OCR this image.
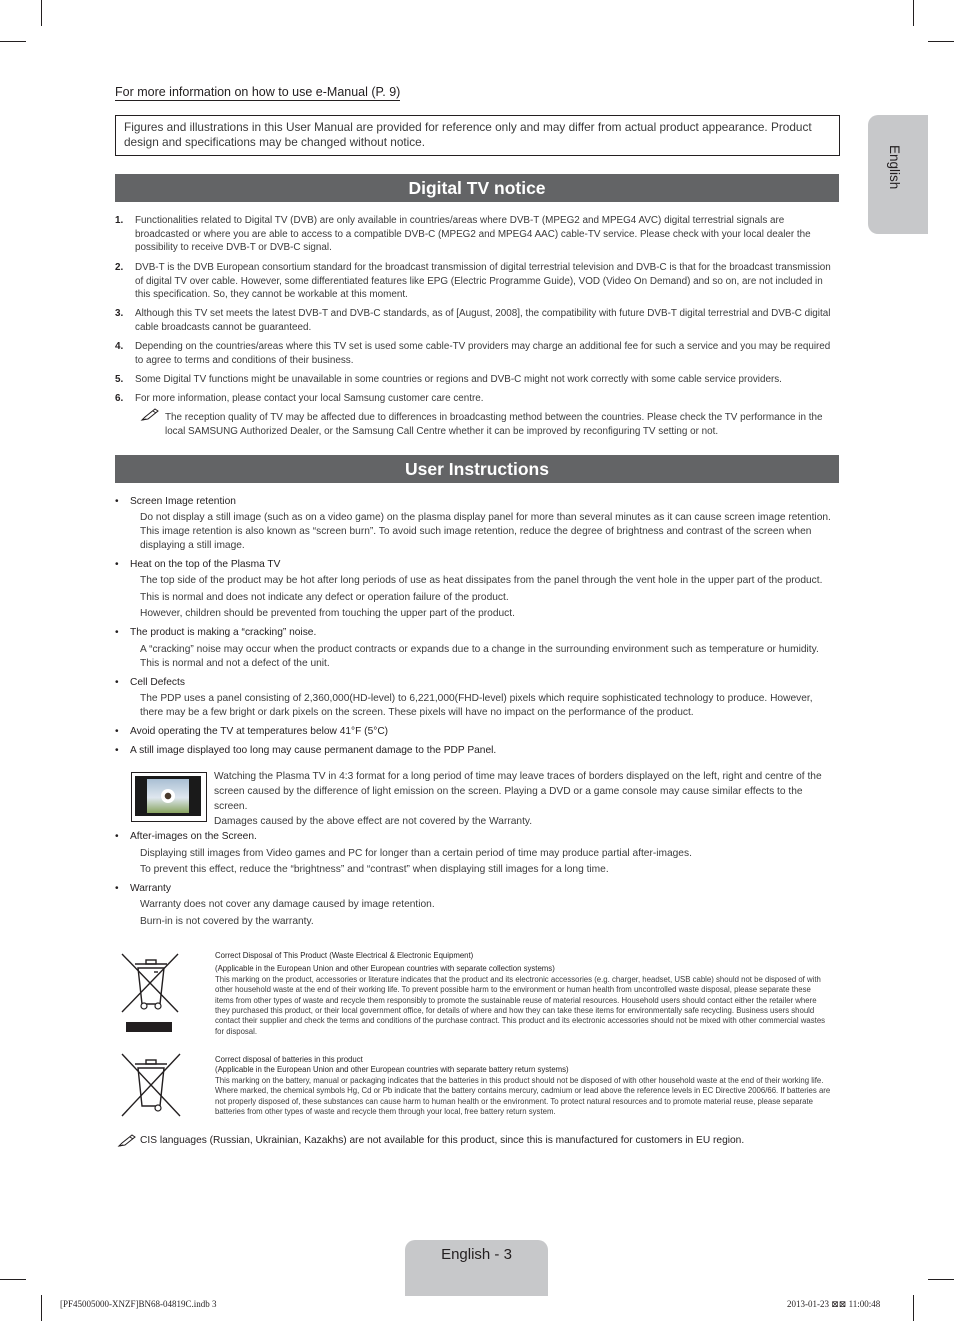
For more information on how to use e-Manual (P. 9)
Figures and illustrations in this User Manual are provided for reference only and may differ from actual product appearance. Product design and specifications may be changed without notice.
English
Digital TV notice
1. Functionalities related to Digital TV (DVB) are only available in countries/areas where DVB-T (MPEG2 and MPEG4 AVC) digital terrestrial signals are broadcasted or where you are able to access to a compatible DVB-C (MPEG2 and MPEG4 AAC) cable-TV service. Please check with your local dealer the possibility to receive DVB-T or DVB-C signal.
2. DVB-T is the DVB European consortium standard for the broadcast transmission of digital terrestrial television and DVB-C is that for the broadcast transmission of digital TV over cable. However, some differentiated features like EPG (Electric Programme Guide), VOD (Video On Demand) and so on, are not included in this specification. So, they cannot be workable at this moment.
3. Although this TV set meets the latest DVB-T and DVB-C standards, as of [August, 2008], the compatibility with future DVB-T digital terrestrial and DVB-C digital cable broadcasts cannot be guaranteed.
4. Depending on the countries/areas where this TV set is used some cable-TV providers may charge an additional fee for such a service and you may be required to agree to terms and conditions of their business.
5. Some Digital TV functions might be unavailable in some countries or regions and DVB-C might not work correctly with some cable service providers.
6. For more information, please contact your local Samsung customer care centre.
The reception quality of TV may be affected due to differences in broadcasting method between the countries. Please check the TV performance in the local SAMSUNG Authorized Dealer, or the Samsung Call Centre whether it can be improved by reconfiguring TV setting or not.
User Instructions
• Screen Image retention
Do not display a still image (such as on a video game) on the plasma display panel for more than several minutes as it can cause screen image retention. This image retention is also known as “screen burn”. To avoid such image retention, reduce the degree of brightness and contrast of the screen when displaying a still image.
• Heat on the top of the Plasma TV
The top side of the product may be hot after long periods of use as heat dissipates from the panel through the vent hole in the upper part of the product.
This is normal and does not indicate any defect or operation failure of the product.
However, children should be prevented from touching the upper part of the product.
• The product is making a “cracking” noise.
A “cracking” noise may occur when the product contracts or expands due to a change in the surrounding environment such as temperature or humidity. This is normal and not a defect of the unit.
• Cell Defects
The PDP uses a panel consisting of 2,360,000(HD-level) to 6,221,000(FHD-level) pixels which require sophisticated technology to produce. However, there may be a few bright or dark pixels on the screen. These pixels will have no impact on the performance of the product.
• Avoid operating the TV at temperatures below 41°F (5°C)
• A still image displayed too long may cause permanent damage to the PDP Panel.
Watching the Plasma TV in 4:3 format for a long period of time may leave traces of borders displayed on the left, right and centre of the screen caused by the difference of light emission on the screen. Playing a DVD or a game console may cause similar effects to the screen.
Damages caused by the above effect are not covered by the Warranty.
• After-images on the Screen.
Displaying still images from Video games and PC for longer than a certain period of time may produce partial after-images.
To prevent this effect, reduce the “brightness” and “contrast” when displaying still images for a long time.
• Warranty
Warranty does not cover any damage caused by image retention.
Burn-in is not covered by the warranty.
Correct Disposal of This Product (Waste Electrical & Electronic Equipment)
(Applicable in the European Union and other European countries with separate collection systems)
This marking on the product, accessories or literature indicates that the product and its electronic accessories (e.g. charger, headset, USB cable) should not be disposed of with other household waste at the end of their working life. To prevent possible harm to the environment or human health from uncontrolled waste disposal, please separate these items from other types of waste and recycle them responsibly to promote the sustainable reuse of material resources. Household users should contact either the retailer where they purchased this product, or their local government office, for details of where and how they can take these items for environmentally safe recycling. Business users should contact their supplier and check the terms and conditions of the purchase contract. This product and its electronic accessories should not be mixed with other commercial wastes for disposal.
Correct disposal of batteries in this product
(Applicable in the European Union and other European countries with separate battery return systems)
This marking on the battery, manual or packaging indicates that the batteries in this product should not be disposed of with other household waste at the end of their working life. Where marked, the chemical symbols Hg, Cd or Pb indicate that the battery contains mercury, cadmium or lead above the reference levels in EC Directive 2006/66. If batteries are not properly disposed of, these substances can cause harm to human health or the environment. To protect natural resources and to promote material reuse, please separate batteries from other types of waste and recycle them through your local, free battery return system.
CIS languages (Russian, Ukrainian, Kazakhs) are not available for this product, since this is manufactured for customers in EU region.
English - 3
[PF45005000-XNZF]BN68-04819C.indb 3	2013-01-23 ⊠⊠ 11:00:48
